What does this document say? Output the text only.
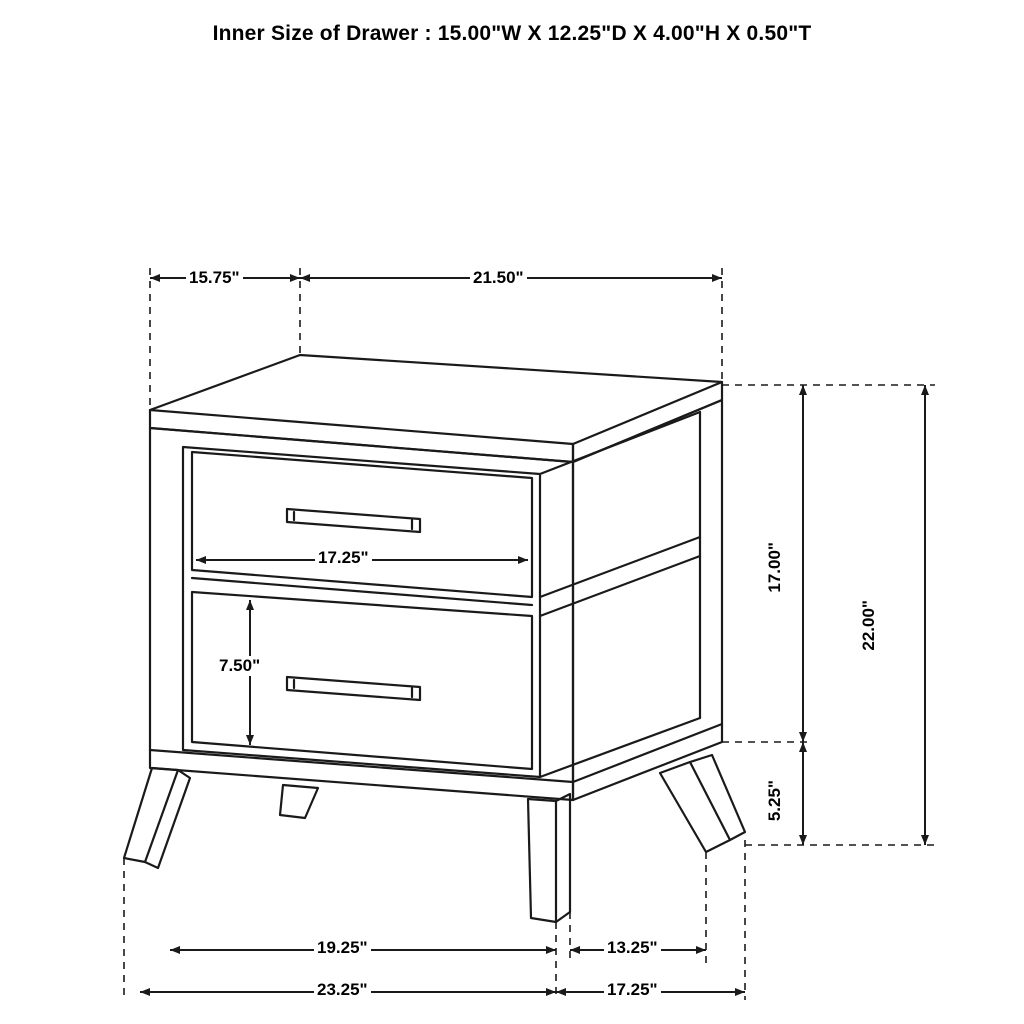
Inner Size of Drawer : 15.00"W X 12.25"D X 4.00"H X 0.50"T
15.75"	21.50"
17.00"
22.00"
5.25"
17.25"
7.50"
19.25"	13.25"
23.25"	17.25"
